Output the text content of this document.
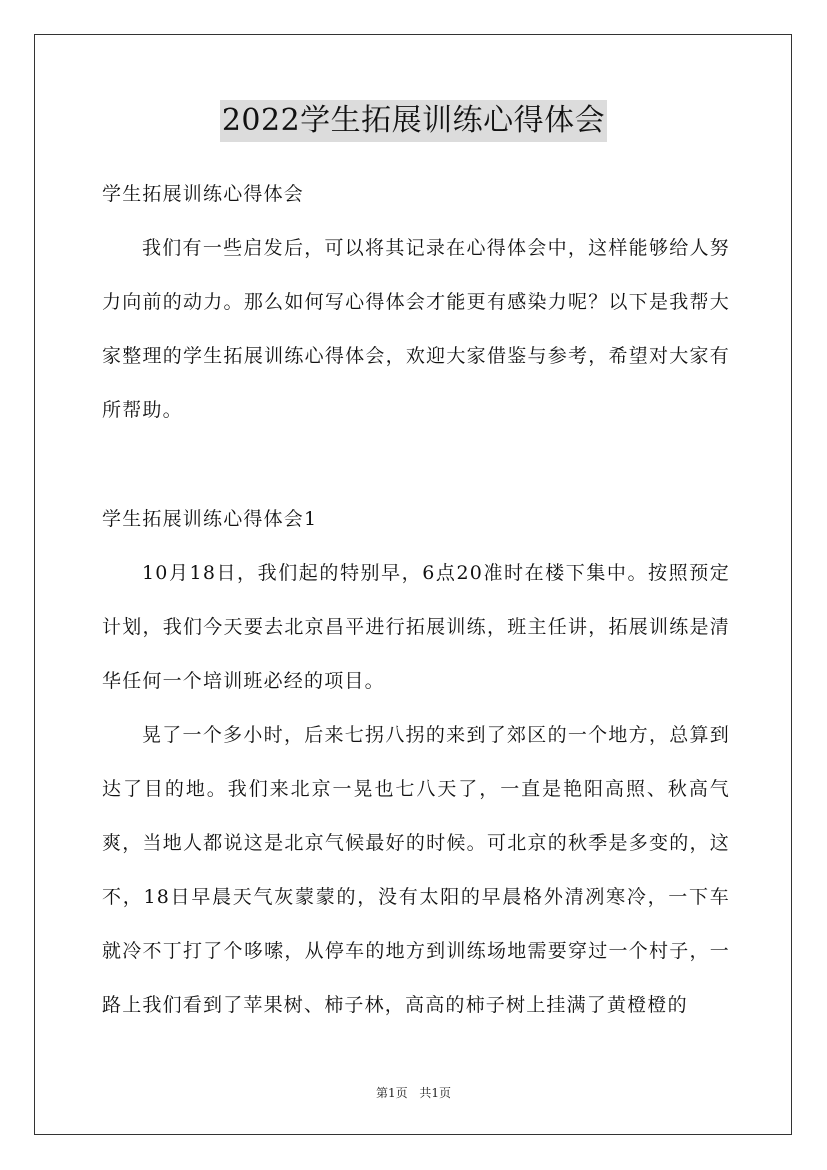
2022学生拓展训练心得体会

学生拓展训练心得体会

我们有一些启发后，可以将其记录在心得体会中，这样能够给人努力向前的动力。那么如何写心得体会才能更有感染力呢？以下是我帮大家整理的学生拓展训练心得体会，欢迎大家借鉴与参考，希望对大家有所帮助。

学生拓展训练心得体会1

10月18日，我们起的特别早，6点20准时在楼下集中。按照预定计划，我们今天要去北京昌平进行拓展训练，班主任讲，拓展训练是清华任何一个培训班必经的项目。

晃了一个多小时，后来七拐八拐的来到了郊区的一个地方，总算到达了目的地。我们来北京一晃也七八天了，一直是艳阳高照、秋高气爽，当地人都说这是北京气候最好的时候。可北京的秋季是多变的，这不，18日早晨天气灰蒙蒙的，没有太阳的早晨格外清冽寒冷，一下车就冷不丁打了个哆嗦，从停车的地方到训练场地需要穿过一个村子，一路上我们看到了苹果树、柿子林，高高的柿子树上挂满了黄橙橙的

第1页 共1页
